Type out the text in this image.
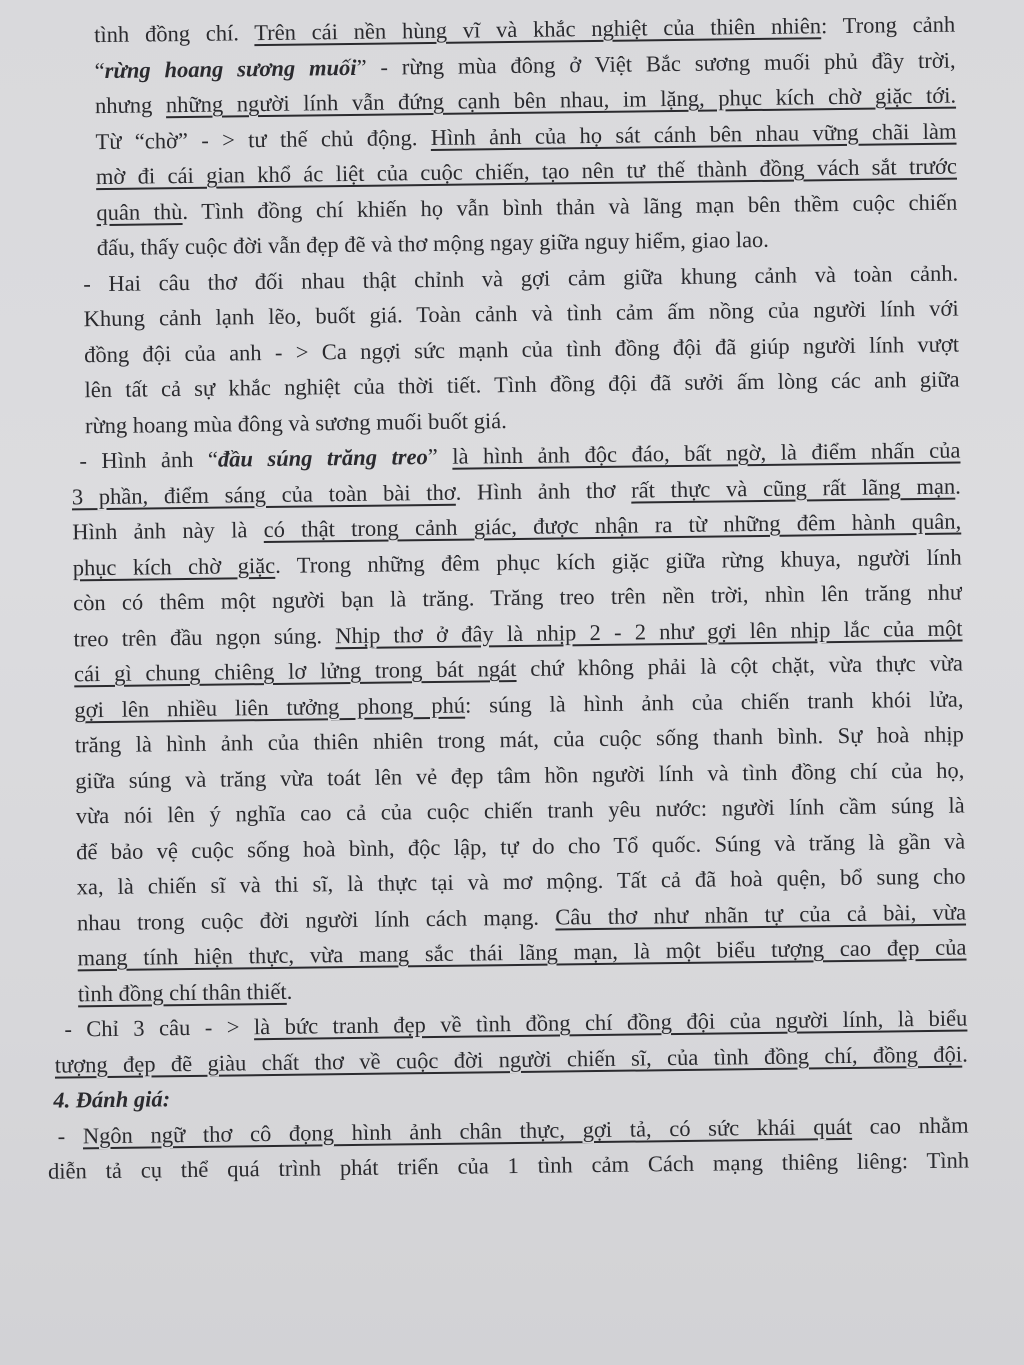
tình đồng chí. Trên cái nền hùng vĩ và khắc nghiệt của thiên nhiên: Trong cảnh
“rừng hoang sương muối” - rừng mùa đông ở Việt Bắc sương muối phủ đầy trời,
nhưng những người lính vẫn đứng cạnh bên nhau, im lặng, phục kích chờ giặc tới.
Từ “chờ” - > tư thế chủ động. Hình ảnh của họ sát cánh bên nhau vững chãi làm
mờ đi cái gian khổ ác liệt của cuộc chiến, tạo nên tư thế thành đồng vách sắt trước
quân thù. Tình đồng chí khiến họ vẫn bình thản và lãng mạn bên thềm cuộc chiến
đấu, thấy cuộc đời vẫn đẹp đẽ và thơ mộng ngay giữa nguy hiểm, giao lao.
- Hai câu thơ đối nhau thật chỉnh và gợi cảm giữa khung cảnh và toàn cảnh.
Khung cảnh lạnh lẽo, buốt giá. Toàn cảnh và tình cảm ấm nồng của người lính với
đồng đội của anh - > Ca ngợi sức mạnh của tình đồng đội đã giúp người lính vượt
lên tất cả sự khắc nghiệt của thời tiết. Tình đồng đội đã sưởi ấm lòng các anh giữa
rừng hoang mùa đông và sương muối buốt giá.
- Hình ảnh “đầu súng trăng treo” là hình ảnh độc đáo, bất ngờ, là điểm nhấn của
3 phần, điểm sáng của toàn bài thơ. Hình ảnh thơ rất thực và cũng rất lãng mạn.
Hình ảnh này là có thật trong cảnh giác, được nhận ra từ những đêm hành quân,
phục kích chờ giặc. Trong những đêm phục kích giặc giữa rừng khuya, người lính
còn có thêm một người bạn là trăng. Trăng treo trên nền trời, nhìn lên trăng như
treo trên đầu ngọn súng. Nhịp thơ ở đây là nhịp 2 - 2 như gợi lên nhịp lắc của một
cái gì chung chiêng lơ lửng trong bát ngát chứ không phải là cột chặt, vừa thực vừa
gợi lên nhiều liên tưởng phong phú: súng là hình ảnh của chiến tranh khói lửa,
trăng là hình ảnh của thiên nhiên trong mát, của cuộc sống thanh bình. Sự hoà nhịp
giữa súng và trăng vừa toát lên vẻ đẹp tâm hồn người lính và tình đồng chí của họ,
vừa nói lên ý nghĩa cao cả của cuộc chiến tranh yêu nước: người lính cầm súng là
để bảo vệ cuộc sống hoà bình, độc lập, tự do cho Tổ quốc. Súng và trăng là gần và
xa, là chiến sĩ và thi sĩ, là thực tại và mơ mộng. Tất cả đã hoà quện, bổ sung cho
nhau trong cuộc đời người lính cách mạng. Câu thơ như nhãn tự của cả bài, vừa
mang tính hiện thực, vừa mang sắc thái lãng mạn, là một biểu tượng cao đẹp của
tình đồng chí thân thiết.
- Chỉ 3 câu - > là bức tranh đẹp về tình đồng chí đồng đội của người lính, là biểu
tượng đẹp đẽ giàu chất thơ về cuộc đời người chiến sĩ, của tình đồng chí, đồng đội.
4. Đánh giá:
- Ngôn ngữ thơ cô đọng hình ảnh chân thực, gợi tả, có sức khái quát cao nhằm
diễn tả cụ thể quá trình phát triển của 1 tình cảm Cách mạng thiêng liêng: Tình
